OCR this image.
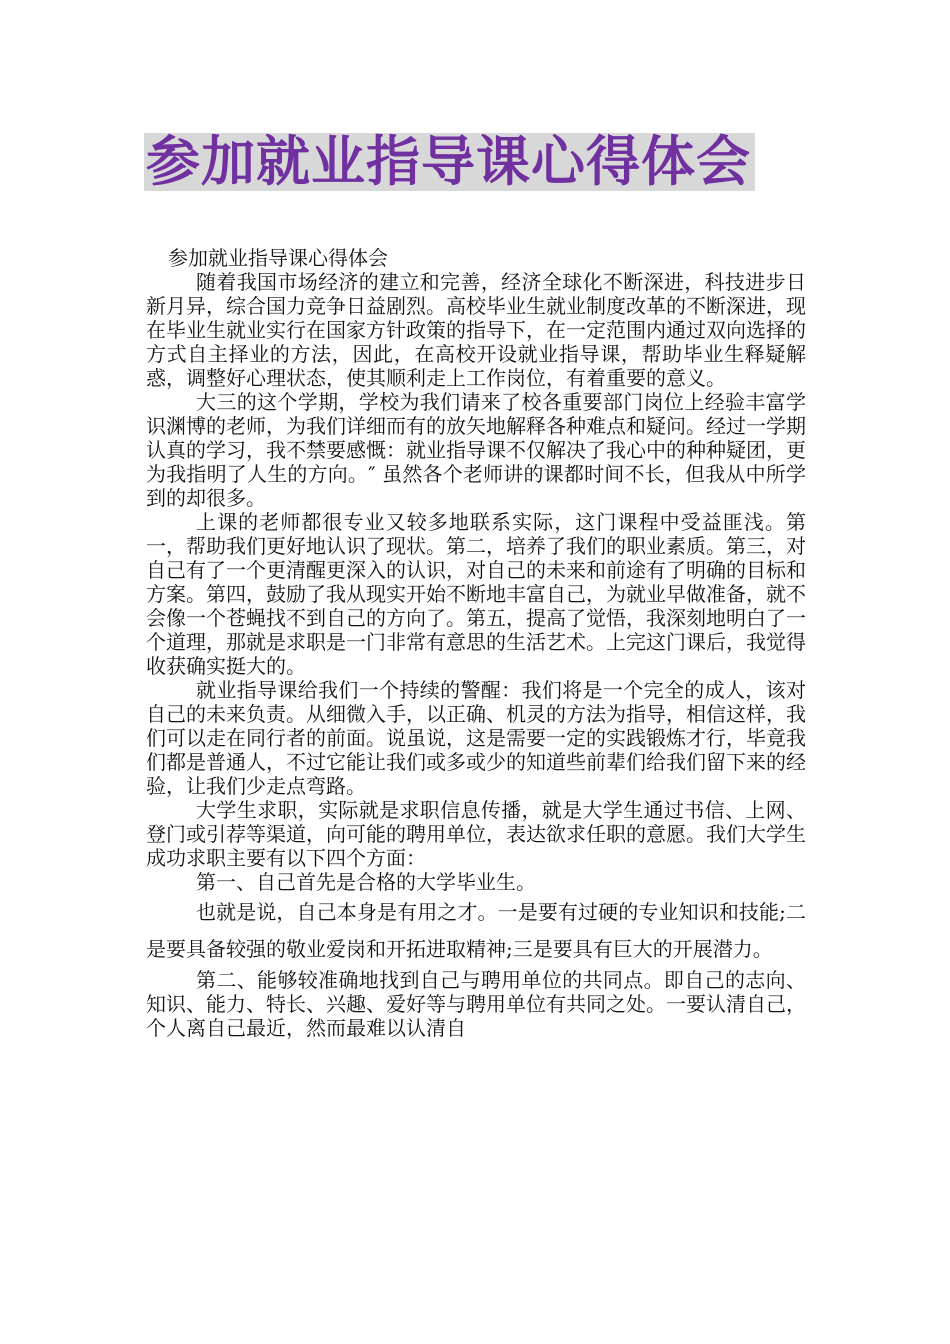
参加就业指导课心得体会

参加就业指导课心得体会

随着我国市场经济的建立和完善，经济全球化不断深进，科技进步日新月异，综合国力竞争日益剧烈。高校毕业生就业制度改革的不断深进，现在毕业生就业实行在国家方针政策的指导下，在一定范围内通过双向选择的方式自主择业的方法，因此，在高校开设就业指导课，帮助毕业生释疑解惑，调整好心理状态，使其顺利走上工作岗位，有着重要的意义。

大三的这个学期，学校为我们请来了校各重要部门岗位上经验丰富学识渊博的老师，为我们详细而有的放矢地解释各种难点和疑问。经过一学期认真的学习，我不禁要感慨：就业指导课不仅解决了我心中的种种疑团，更为我指明了人生的方向。″ 虽然各个老师讲的课都时间不长，但我从中所学到的却很多。

上课的老师都很专业又较多地联系实际，这门课程中受益匪浅。第一，帮助我们更好地认识了现状。第二，培养了我们的职业素质。第三，对自己有了一个更清醒更深入的认识，对自己的未来和前途有了明确的目标和方案。第四，鼓励了我从现实开始不断地丰富自己，为就业早做准备，就不会像一个苍蝇找不到自己的方向了。第五，提高了觉悟，我深刻地明白了一个道理，那就是求职是一门非常有意思的生活艺术。上完这门课后，我觉得收获确实挺大的。

就业指导课给我们一个持续的警醒：我们将是一个完全的成人，该对自己的未来负责。从细微入手，以正确、机灵的方法为指导，相信这样，我们可以走在同行者的前面。说虽说，这是需要一定的实践锻炼才行，毕竟我们都是普通人，不过它能让我们或多或少的知道些前辈们给我们留下来的经验，让我们少走点弯路。

大学生求职，实际就是求职信息传播，就是大学生通过书信、上网、登门或引荐等渠道，向可能的聘用单位，表达欲求任职的意愿。我们大学生成功求职主要有以下四个方面：

第一、自己首先是合格的大学毕业生。

也就是说，自己本身是有用之才。一是要有过硬的专业知识和技能;二是要具备较强的敬业爱岗和开拓进取精神;三是要具有巨大的开展潜力。

第二、能够较准确地找到自己与聘用单位的共同点。即自己的志向、知识、能力、特长、兴趣、爱好等与聘用单位有共同之处。一要认清自己，个人离自己最近，然而最难以认清自
